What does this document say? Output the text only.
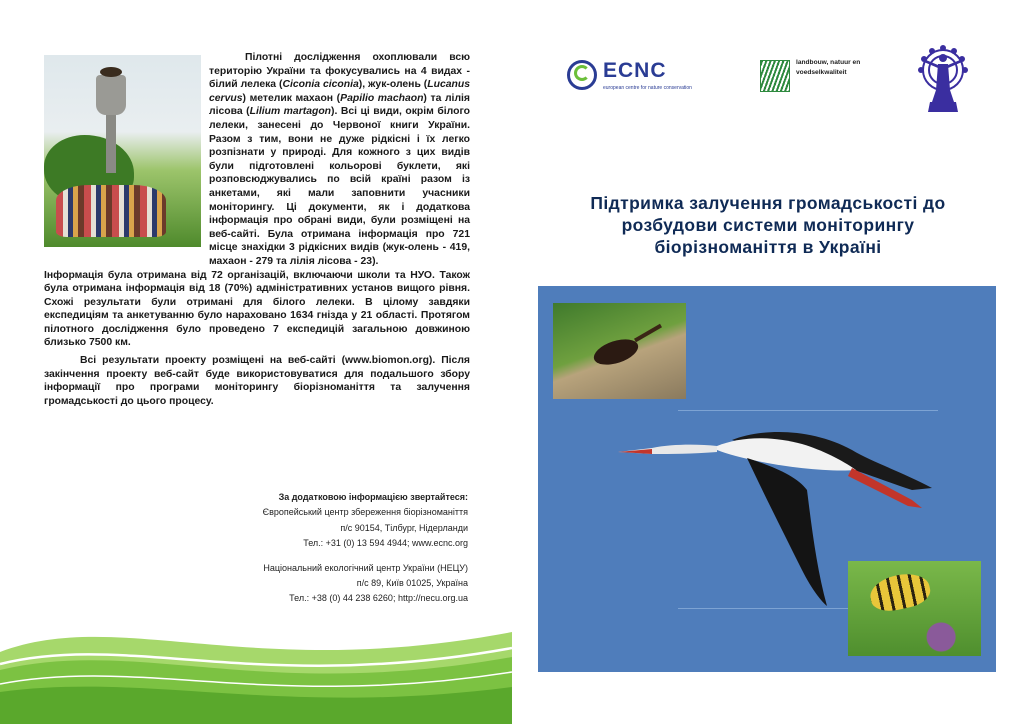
Пілотні дослідження охоплювали всю територію України та фокусувались на 4 видах - білий лелека (Ciconia ciconia), жук-олень (Lucanus cervus) метелик махаон (Papilio machaon) та лілія лісова (Lilium martagon). Всі ці види, окрім білого лелеки, занесені до Червоної книги України. Разом з тим, вони не дуже рідкісні і їх легко розпізнати у природі. Для кожного з цих видів були підготовлені кольорові буклети, які розповсюджувались по всій країні разом із анкетами, які мали заповнити учасники моніторингу. Ці документи, як і додаткова інформація про обрані види, були розміщені на веб-сайті. Була отримана інформація про 721 місце знахідки 3 рідкісних видів (жук-олень - 419, махаон - 279 та лілія лісова - 23).

Інформація була отримана від 72 організацій, включаючи школи та НУО. Також була отримана інформація від 18 (70%) адміністративних установ вищого рівня. Схожі результати були отримані для білого лелеки. В цілому завдяки експедиціям та анкетуванню було нараховано 1634 гнізда у 21 області. Протягом пілотного дослідження було проведено 7 експедицій загальною довжиною близько 7500 км.

Всі результати проекту розміщені на веб-сайті (www.biomon.org). Після закінчення проекту веб-сайт буде використовуватися для подальшого збору інформації про програми моніторингу біорізноманіття та залучення громадськості до цього процесу.

За додатковою інформацією звертайтеся:
Європейський центр збереження біорізноманіття
п/с 90154, Тілбург, Нідерланди
Тел.: +31 (0) 13 594 4944; www.ecnc.org
Національний екологічний центр України (НЕЦУ)
п/с 89, Київ 01025, Україна
Тел.: +38 (0) 44 238 6260; http://necu.org.ua
ECNC
european centre for nature conservation
landbouw, natuur en
voedselkwaliteit
Підтримка залучення громадськості до
розбудови системи моніторингу
біорізноманіття в Україні
